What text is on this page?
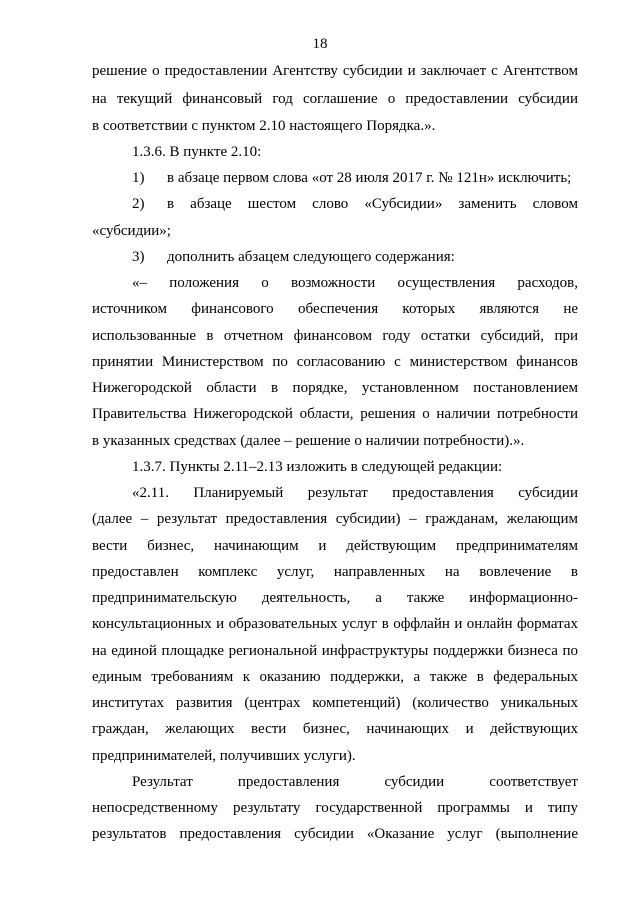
18
решение о предоставлении Агентству субсидии и заключает с Агентством
на текущий финансовый год соглашение о предоставлении субсидии
в соответствии с пунктом 2.10 настоящего Порядка.».
1.3.6. В пункте 2.10:
1) в абзаце первом слова «от 28 июля 2017 г. № 121н» исключить;
2) в абзаце шестом слово «Субсидии» заменить словом
«субсидии»;
3) дополнить абзацем следующего содержания:
«– положения о возможности осуществления расходов,
источником финансового обеспечения которых являются не
использованные в отчетном финансовом году остатки субсидий, при
принятии Министерством по согласованию с министерством финансов
Нижегородской области в порядке, установленном постановлением
Правительства Нижегородской области, решения о наличии потребности
в указанных средствах (далее – решение о наличии потребности).».
1.3.7. Пункты 2.11–2.13 изложить в следующей редакции:
«2.11. Планируемый результат предоставления субсидии
(далее – результат предоставления субсидии) – гражданам, желающим
вести бизнес, начинающим и действующим предпринимателям
предоставлен комплекс услуг, направленных на вовлечение в
предпринимательскую деятельность, а также информационно-
консультационных и образовательных услуг в оффлайн и онлайн форматах
на единой площадке региональной инфраструктуры поддержки бизнеса по
единым требованиям к оказанию поддержки, а также в федеральных
институтах развития (центрах компетенций) (количество уникальных
граждан, желающих вести бизнес, начинающих и действующих
предпринимателей, получивших услуги).
Результат предоставления субсидии соответствует
непосредственному результату государственной программы и типу
результатов предоставления субсидии «Оказание услуг (выполнение
